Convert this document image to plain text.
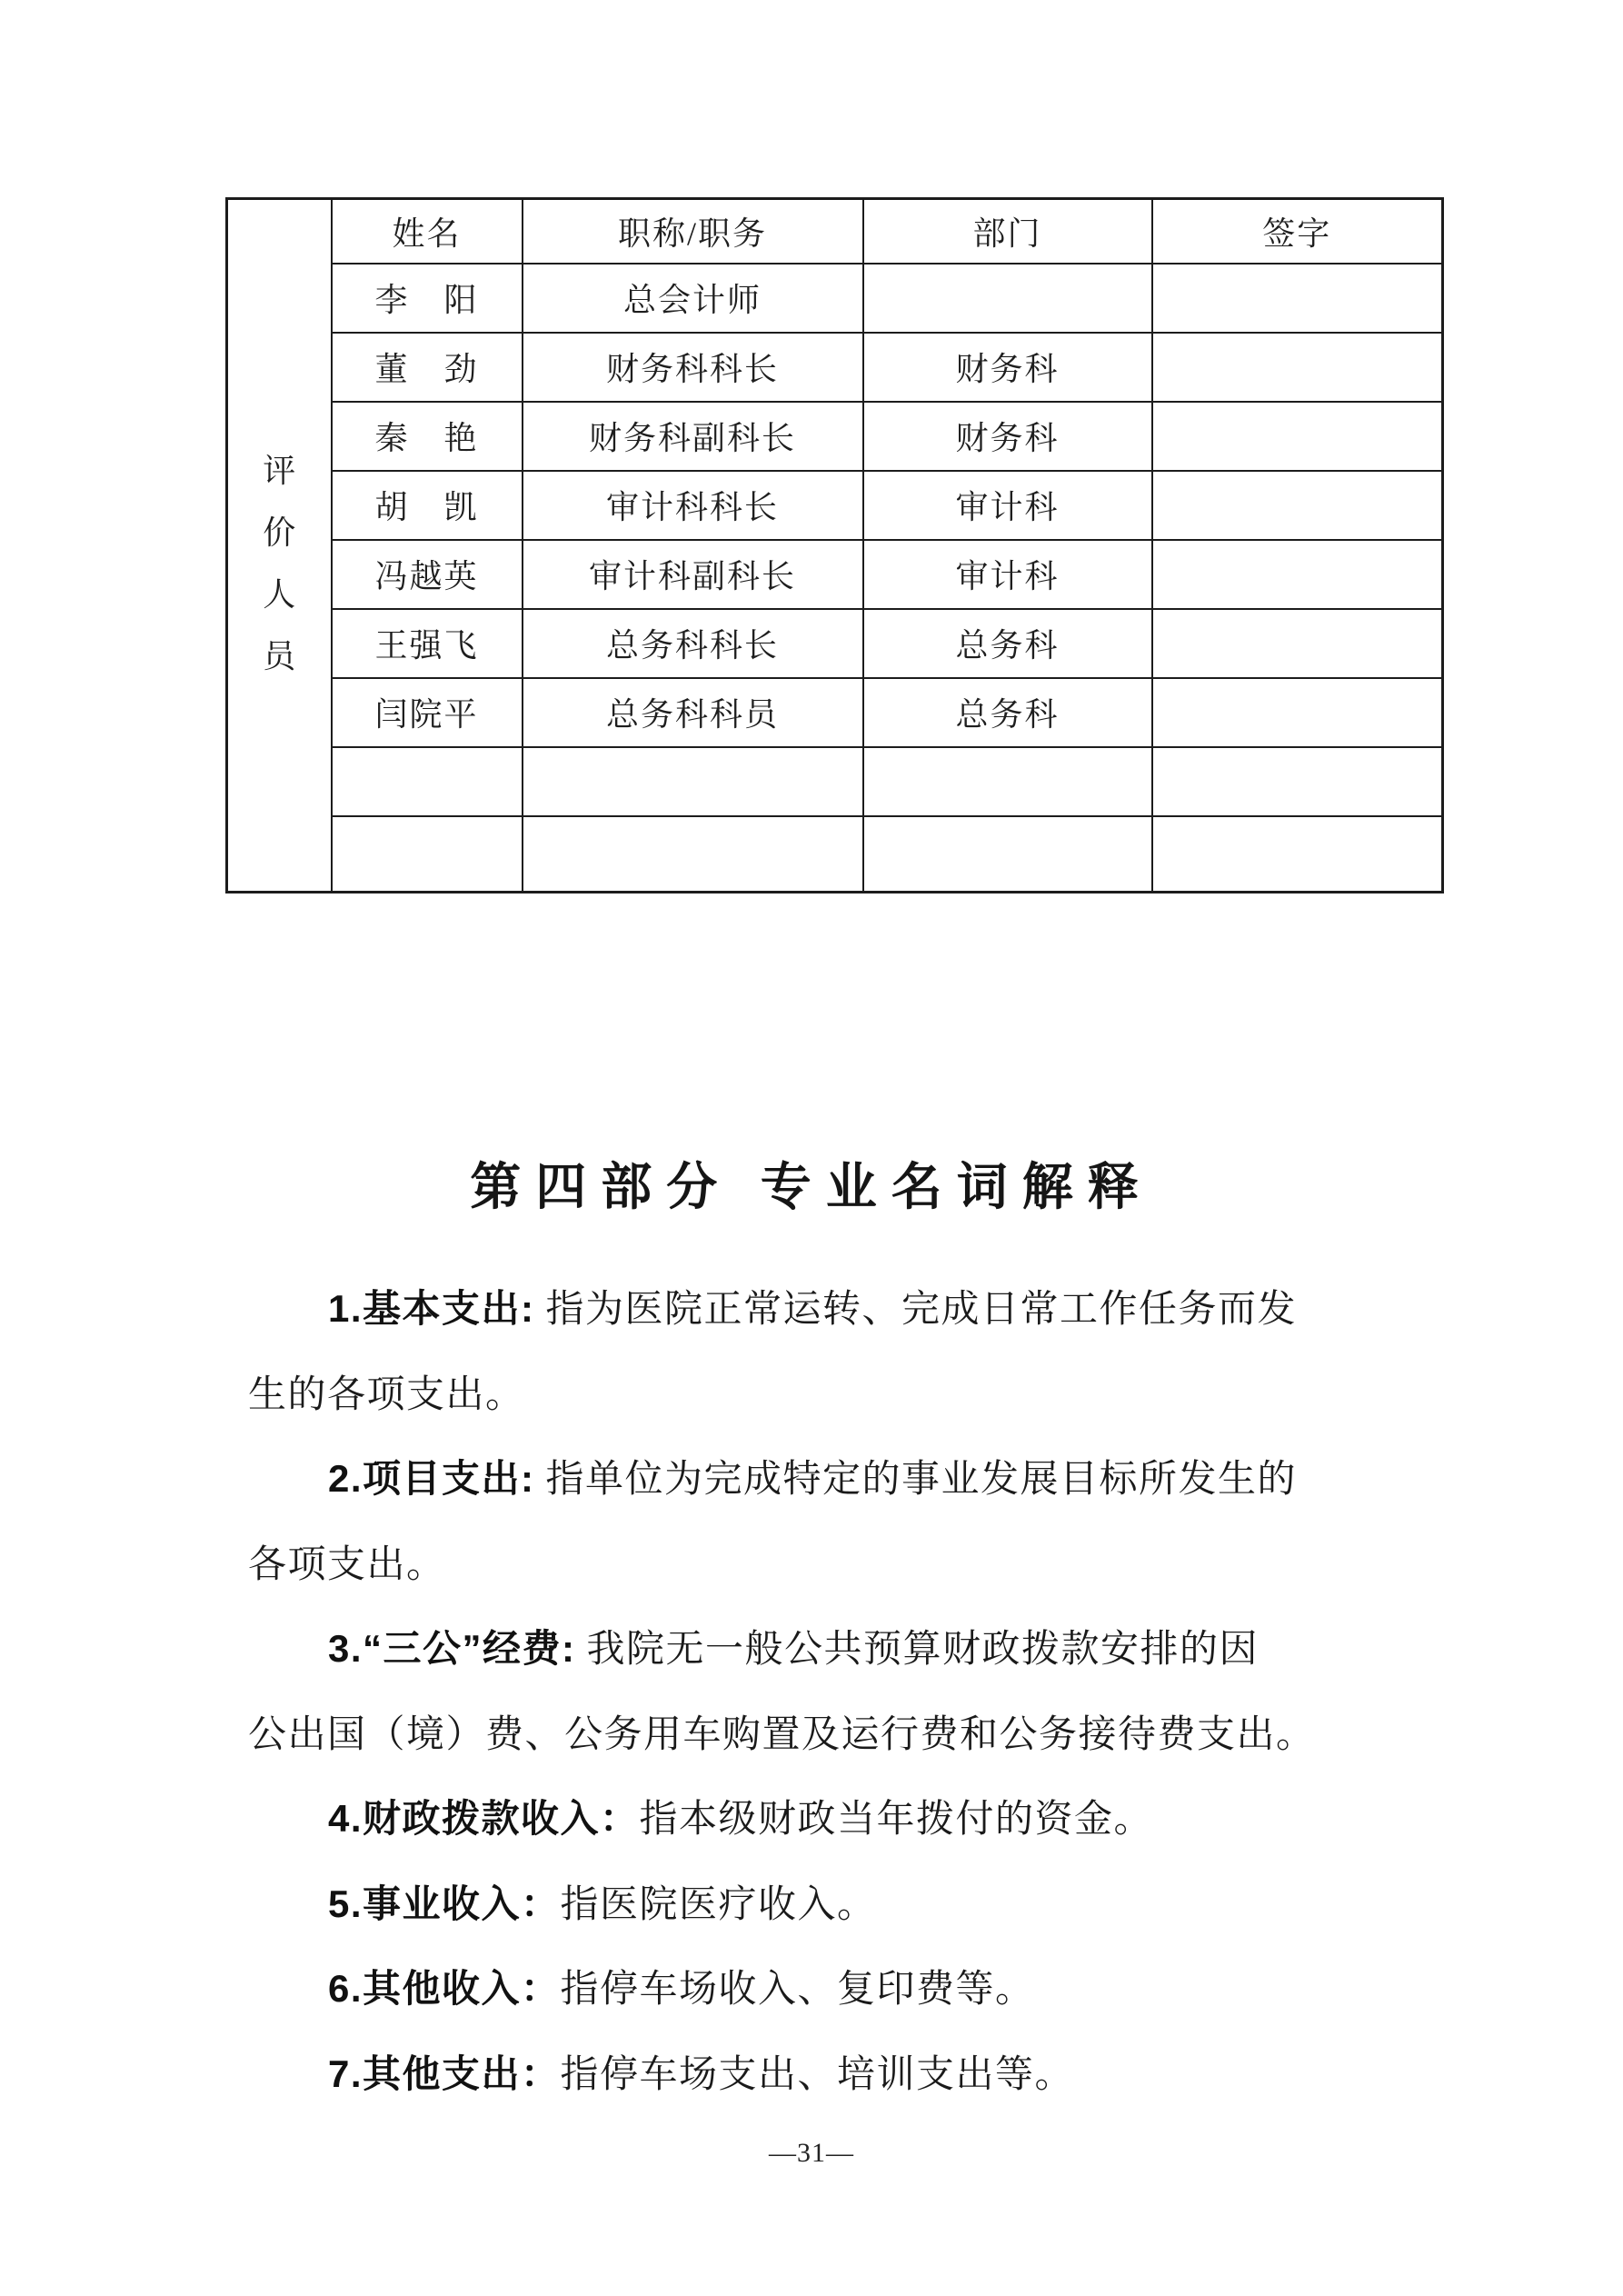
评价人员	姓名	职称/职务	部门	签字
	李　阳	总会计师		
	董　劲	财务科科长	财务科	
	秦　艳	财务科副科长	财务科	
	胡　凯	审计科科长	审计科	
	冯越英	审计科副科长	审计科	
	王强飞	总务科科长	总务科	
	闫院平	总务科科员	总务科	

第四部分 专业名词解释
1.基本支出: 指为医院正常运转、完成日常工作任务而发
生的各项支出。
2.项目支出: 指单位为完成特定的事业发展目标所发生的
各项支出。
3.“三公”经费: 我院无一般公共预算财政拨款安排的因
公出国（境）费、公务用车购置及运行费和公务接待费支出。
4.财政拨款收入：指本级财政当年拨付的资金。
5.事业收入：指医院医疗收入。
6.其他收入：指停车场收入、复印费等。
7.其他支出：指停车场支出、培训支出等。
—31—
